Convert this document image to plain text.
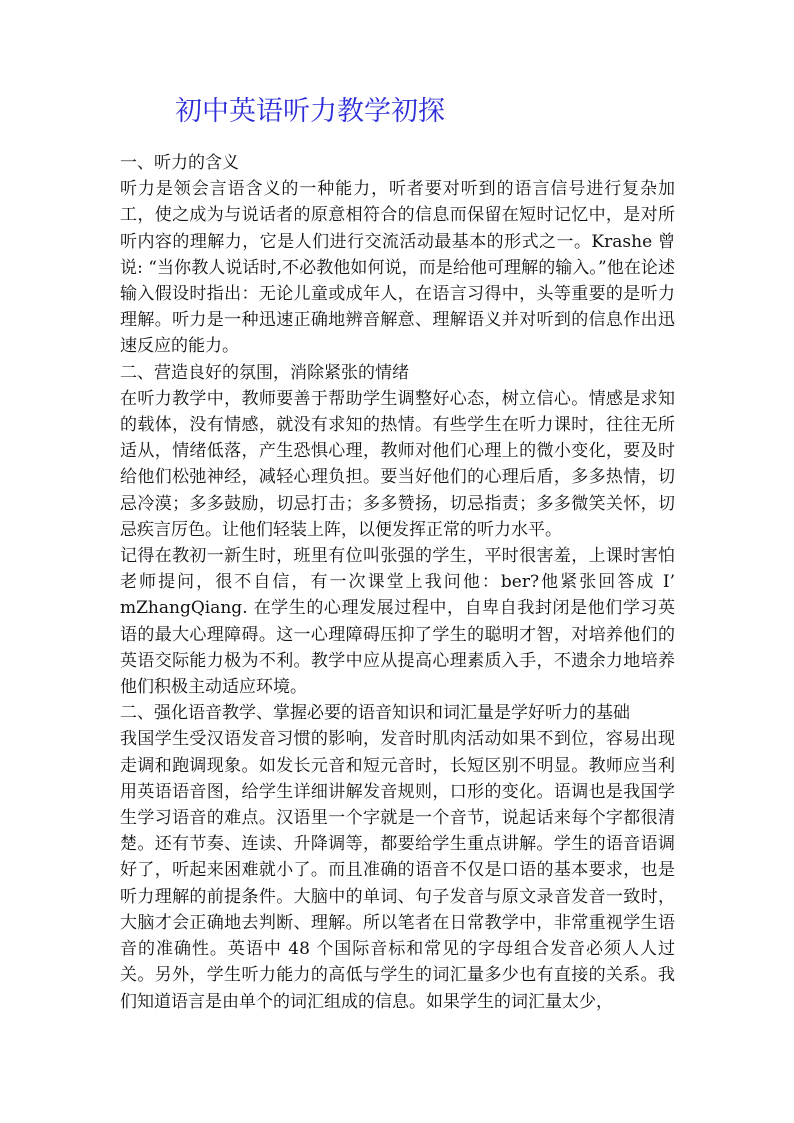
初中英语听力教学初探

一、听力的含义

听力是领会言语含义的一种能力，听者要对听到的语言信号进行复杂加工，使之成为与说话者的原意相符合的信息而保留在短时记忆中，是对所听内容的理解力，它是人们进行交流活动最基本的形式之一。Krashe 曾说: “当你教人说话时,不必教他如何说，而是给他可理解的输入。”他在论述输入假设时指出：无论儿童或成年人，在语言习得中，头等重要的是听力理解。听力是一种迅速正确地辨音解意、理解语义并对听到的信息作出迅速反应的能力。

二、营造良好的氛围，消除紧张的情绪

在听力教学中，教师要善于帮助学生调整好心态，树立信心。情感是求知的载体，没有情感，就没有求知的热情。有些学生在听力课时，往往无所适从，情绪低落，产生恐惧心理，教师对他们心理上的微小变化，要及时给他们松弛神经，减轻心理负担。要当好他们的心理后盾，多多热情，切忌冷漠；多多鼓励，切忌打击；多多赞扬，切忌指责；多多微笑关怀，切忌疾言厉色。让他们轻装上阵，以便发挥正常的听力水平。

记得在教初一新生时，班里有位叫张强的学生，平时很害羞，上课时害怕老师提问，很不自信，有一次课堂上我问他：ber?他紧张回答成 I’ mZhangQiang. 在学生的心理发展过程中，自卑自我封闭是他们学习英语的最大心理障碍。这一心理障碍压抑了学生的聪明才智，对培养他们的英语交际能力极为不利。教学中应从提高心理素质入手，不遗余力地培养他们积极主动适应环境。

二、强化语音教学、掌握必要的语音知识和词汇量是学好听力的基础

我国学生受汉语发音习惯的影响，发音时肌肉活动如果不到位，容易出现走调和跑调现象。如发长元音和短元音时，长短区别不明显。教师应当利用英语语音图，给学生详细讲解发音规则，口形的变化。语调也是我国学生学习语音的难点。汉语里一个字就是一个音节，说起话来每个字都很清楚。还有节奏、连读、升降调等，都要给学生重点讲解。学生的语音语调好了，听起来困难就小了。而且准确的语音不仅是口语的基本要求，也是听力理解的前提条件。大脑中的单词、句子发音与原文录音发音一致时，大脑才会正确地去判断、理解。所以笔者在日常教学中，非常重视学生语音的准确性。英语中 48 个国际音标和常见的字母组合发音必须人人过关。另外，学生听力能力的高低与学生的词汇量多少也有直接的关系。我们知道语言是由单个的词汇组成的信息。如果学生的词汇量太少，
